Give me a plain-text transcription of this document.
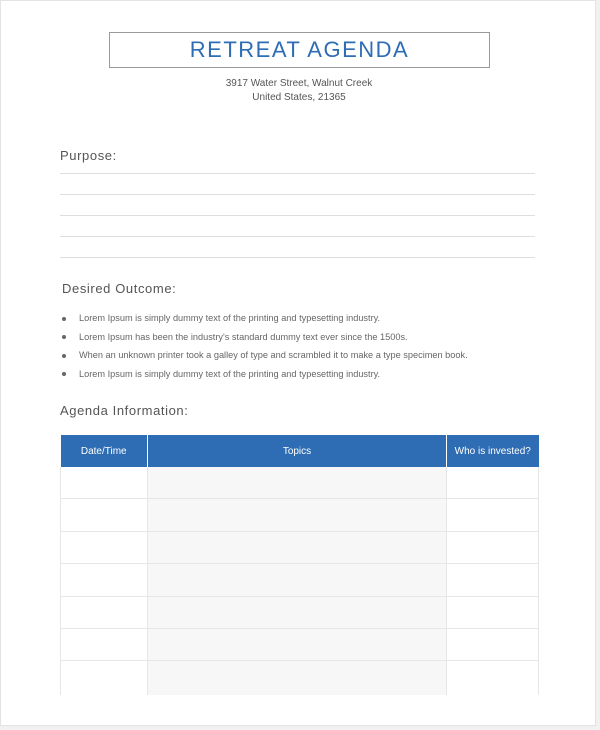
RETREAT AGENDA
3917 Water Street, Walnut Creek
United States, 21365
Purpose:
Desired Outcome:
Lorem Ipsum is simply dummy text of the printing and typesetting industry.
Lorem Ipsum has been the industry's standard dummy text ever since the 1500s.
When an unknown printer took a galley of type and scrambled it to make a type specimen book.
Lorem Ipsum is simply dummy text of the printing and typesetting industry.
Agenda Information:
Date/Time	Topics	Who is invested?
